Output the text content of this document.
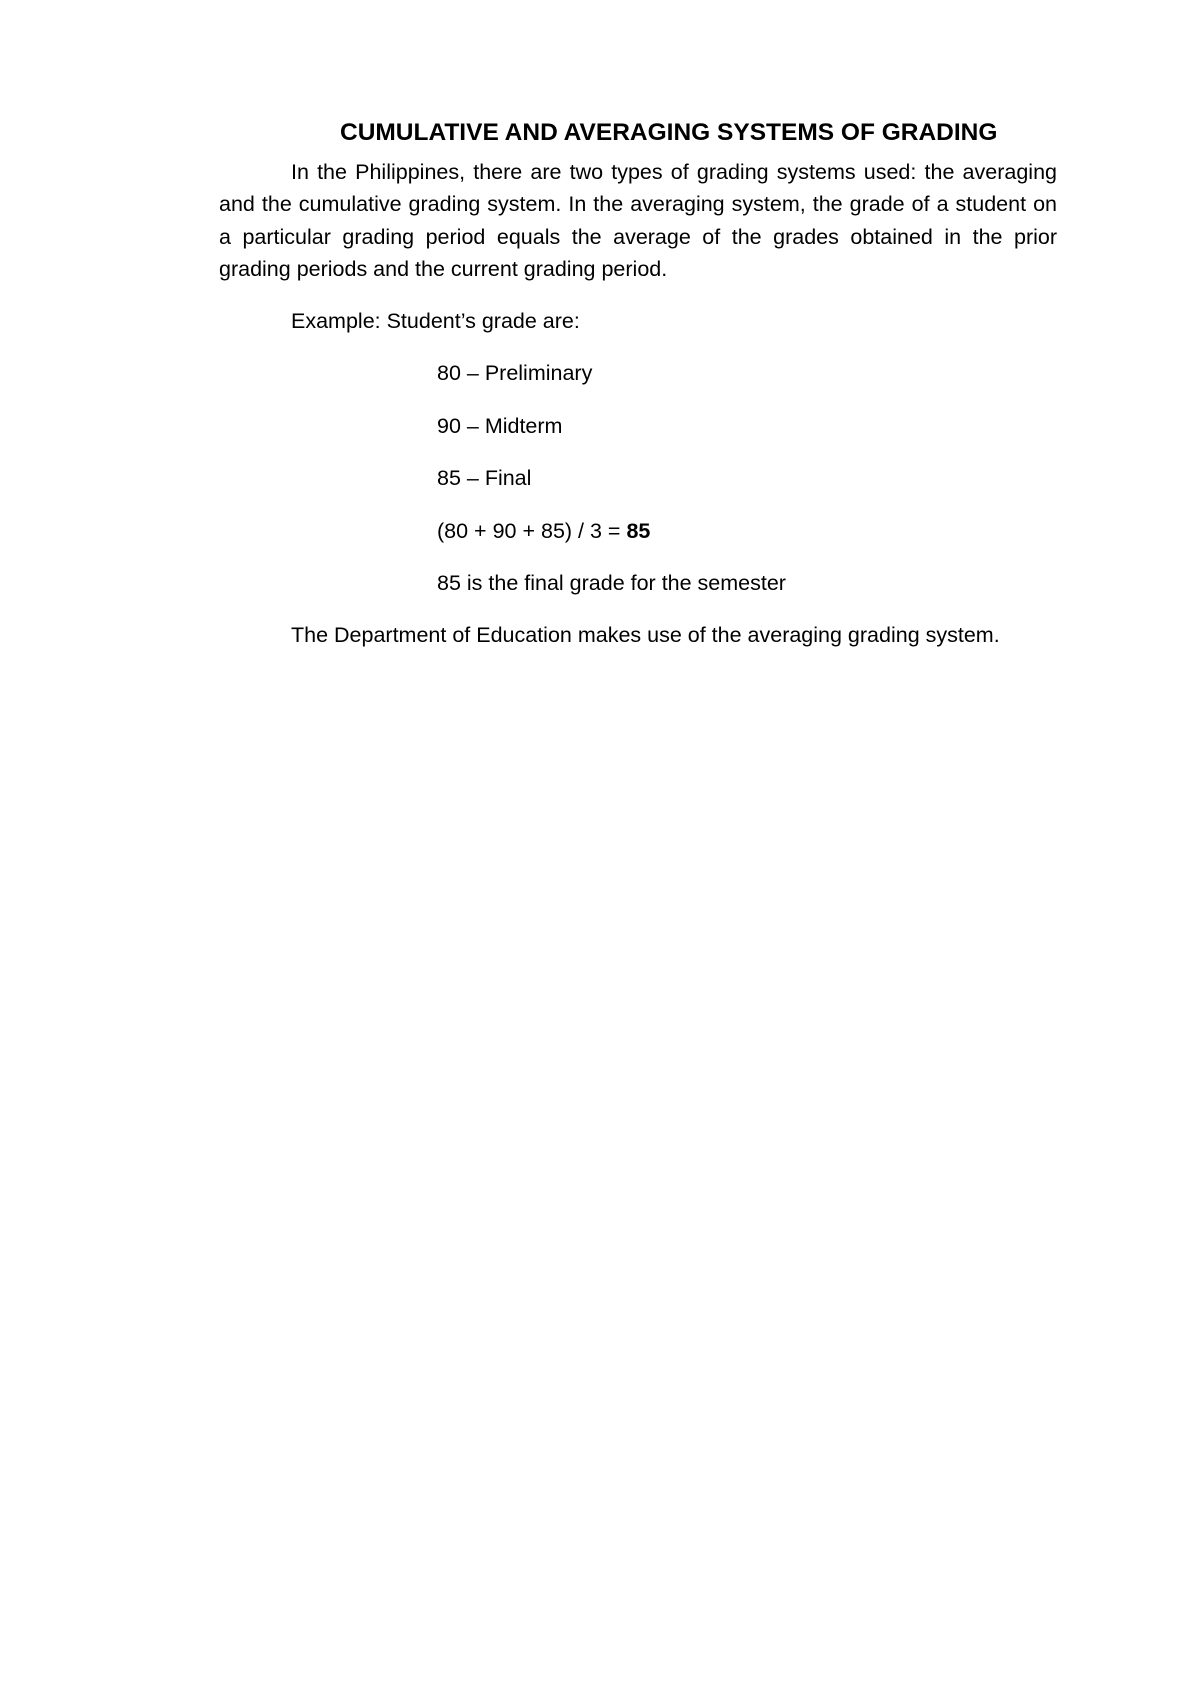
CUMULATIVE AND AVERAGING SYSTEMS OF GRADING

In the Philippines, there are two types of grading systems used: the averaging and the cumulative grading system. In the averaging system, the grade of a student on a particular grading period equals the average of the grades obtained in the prior grading periods and the current grading period.

Example: Student’s grade are:

80 – Preliminary
90 – Midterm
85 – Final
(80 + 90 + 85) / 3 = 85
85 is the final grade for the semester

The Department of Education makes use of the averaging grading system.
